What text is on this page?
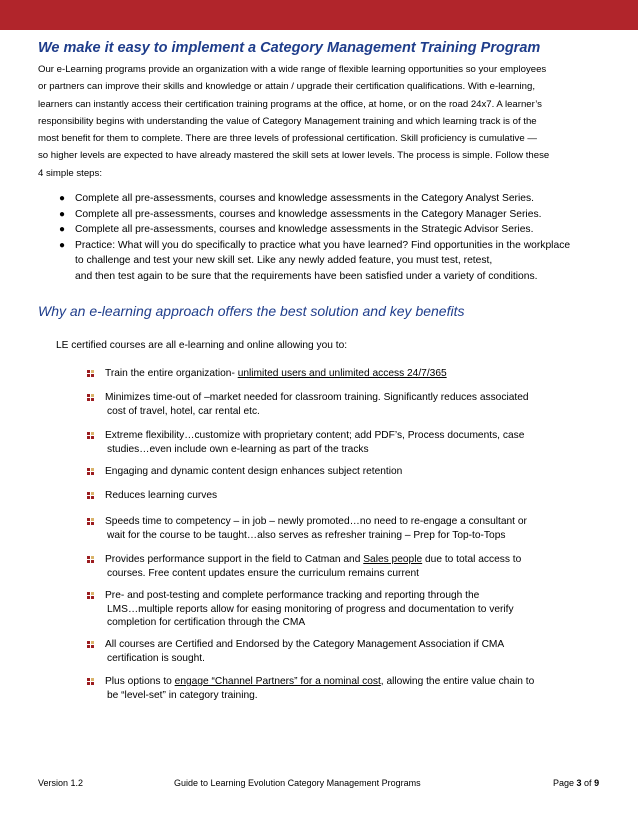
We make it easy to implement a Category Management Training Program

Our e-Learning programs provide an organization with a wide range of flexible learning opportunities so your employees

or partners can improve their skills and knowledge or attain / upgrade their certification qualifications. With e-learning,

learners can instantly access their certification training programs at the office, at home, or on the road 24x7. A learner’s

responsibility begins with understanding the value of Category Management training and which learning track is of the

most benefit for them to complete. There are three levels of professional certification. Skill proficiency is cumulative —

so higher levels are expected to have already mastered the skill sets at lower levels. The process is simple. Follow these

4 simple steps:

● Complete all pre-assessments, courses and knowledge assessments in the Category Analyst Series.
● Complete all pre-assessments, courses and knowledge assessments in the Category Manager Series.
● Complete all pre-assessments, courses and knowledge assessments in the Strategic Advisor Series.
● Practice: What will you do specifically to practice what you have learned? Find opportunities in the workplace
to challenge and test your new skill set. Like any newly added feature, you must test, retest,
and then test again to be sure that the requirements have been satisfied under a variety of conditions.
Why an e-learning approach offers the best solution and key benefits
LE certified courses are all e-learning and online allowing you to:
Train the entire organization- unlimited users and unlimited access 24/7/365
Minimizes time-out of –market needed for classroom training. Significantly reduces associated
cost of travel, hotel, car rental etc.
Extreme flexibility…customize with proprietary content; add PDF’s, Process documents, case
studies…even include own e-learning as part of the tracks
Engaging and dynamic content design enhances subject retention
Reduces learning curves
Speeds time to competency – in job – newly promoted…no need to re-engage a consultant or
wait for the course to be taught…also serves as refresher training – Prep for Top-to-Tops
Provides performance support in the field to Catman and Sales people due to total access to
courses. Free content updates ensure the curriculum remains current
Pre- and post-testing and complete performance tracking and reporting through the
LMS…multiple reports allow for easing monitoring of progress and documentation to verify
completion for certification through the CMA
All courses are Certified and Endorsed by the Category Management Association if CMA
certification is sought.
Plus options to engage “Channel Partners” for a nominal cost, allowing the entire value chain to
be “level-set” in category training.
Version 1.2	Guide to Learning Evolution Category Management Programs	Page 3 of 9
